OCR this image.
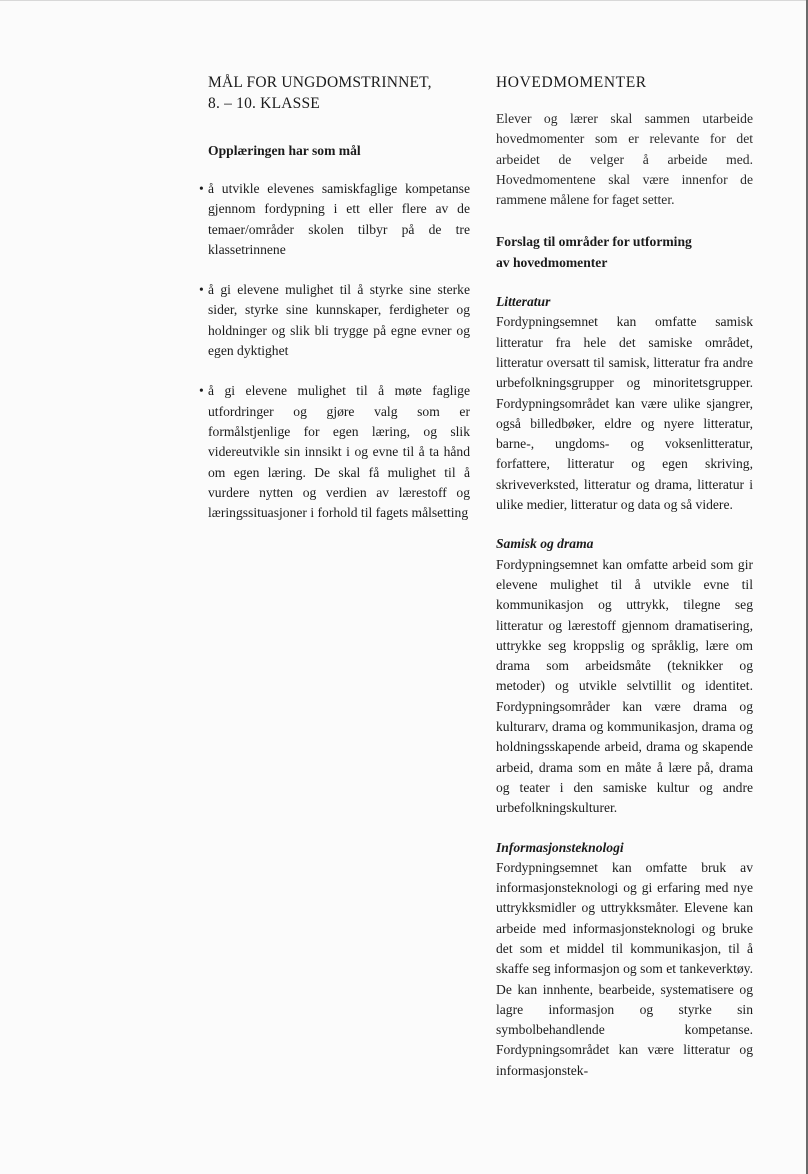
MÅL FOR UNGDOMSTRINNET,
8. – 10. KLASSE

Opplæringen har som mål

• å utvikle elevenes samiskfaglige kompetanse gjennom fordypning i ett eller flere av de temaer/områder skolen tilbyr på de tre klassetrinnene
• å gi elevene mulighet til å styrke sine sterke sider, styrke sine kunnskaper, ferdigheter og holdninger og slik bli trygge på egne evner og egen dyktighet
• å gi elevene mulighet til å møte faglige utfordringer og gjøre valg som er formålstjenlige for egen læring, og slik videreutvikle sin innsikt i og evne til å ta hånd om egen læring. De skal få mulighet til å vurdere nytten og verdien av lærestoff og læringssituasjoner i forhold til fagets målsetting
HOVEDMOMENTER

Elever og lærer skal sammen utarbeide hovedmomenter som er relevante for det arbeidet de velger å arbeide med. Hovedmomentene skal være innenfor de rammene målene for faget setter.

Forslag til områder for utforming
av hovedmomenter

Litteratur

Fordypningsemnet kan omfatte samisk litteratur fra hele det samiske området, litteratur oversatt til samisk, litteratur fra andre urbefolkningsgrupper og minoritetsgrupper. Fordypningsområdet kan være ulike sjangrer, også billedbøker, eldre og nyere litteratur, barne-, ungdoms- og voksenlitteratur, forfattere, litteratur og egen skriving, skriveverksted, litteratur og drama, litteratur i ulike medier, litteratur og data og så videre.

Samisk og drama

Fordypningsemnet kan omfatte arbeid som gir elevene mulighet til å utvikle evne til kommunikasjon og uttrykk, tilegne seg litteratur og lærestoff gjennom dramatisering, uttrykke seg kroppslig og språklig, lære om drama som arbeidsmåte (teknikker og metoder) og utvikle selvtillit og identitet. Fordypningsområder kan være drama og kulturarv, drama og kommunikasjon, drama og holdningsskapende arbeid, drama og skapende arbeid, drama som en måte å lære på, drama og teater i den samiske kultur og andre urbefolkningskulturer.

Informasjonsteknologi

Fordypningsemnet kan omfatte bruk av informasjonsteknologi og gi erfaring med nye uttrykksmidler og uttrykksmåter. Elevene kan arbeide med informasjonsteknologi og bruke det som et middel til kommunikasjon, til å skaffe seg informasjon og som et tankeverktøy. De kan innhente, bearbeide, systematisere og lagre informasjon og styrke sin symbolbehandlende kompetanse. Fordypningsområdet kan være litteratur og informasjonstek-
